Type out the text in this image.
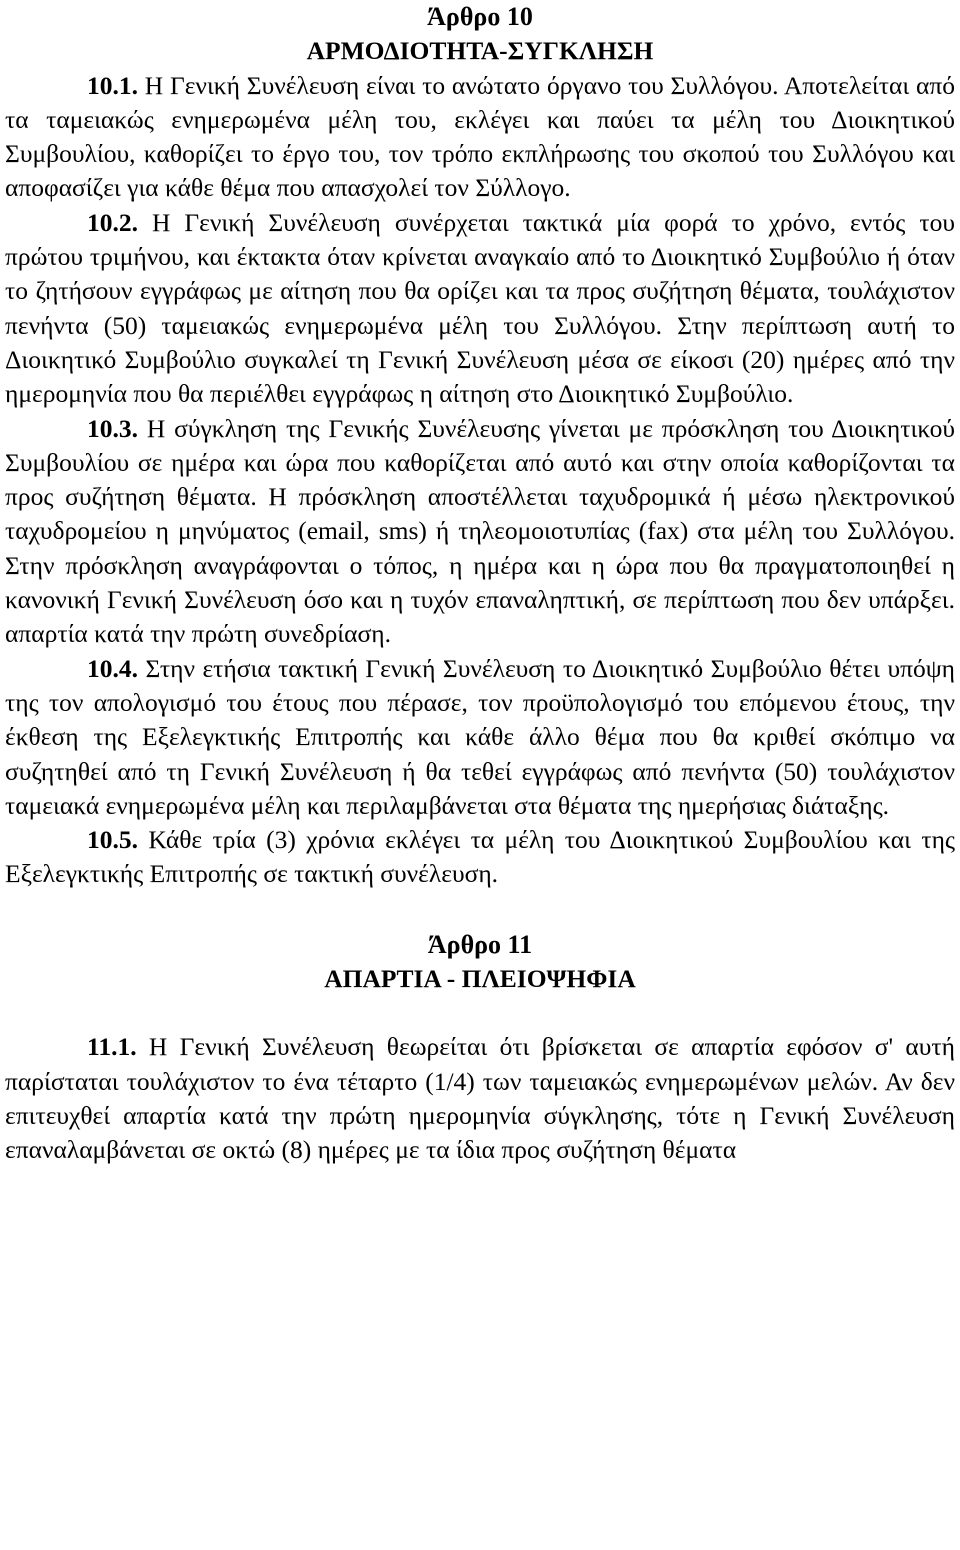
Άρθρο 10
ΑΡΜΟΔΙΟΤΗΤΑ-ΣΥΓΚΛΗΣΗ

10.1. Η Γενική Συνέλευση είναι το ανώτατο όργανο του Συλλόγου. Αποτελείται από τα ταμειακώς ενημερωμένα μέλη του, εκλέγει και παύει τα μέλη του Διοικητικού Συμβουλίου, καθορίζει το έργο του, τον τρόπο εκπλήρωσης του σκοπού του Συλλόγου και αποφασίζει για κάθε θέμα που απασχολεί τον Σύλλογο.

10.2. Η Γενική Συνέλευση συνέρχεται τακτικά μία φορά το χρόνο, εντός του πρώτου τριμήνου, και έκτακτα όταν κρίνεται αναγκαίο από το Διοικητικό Συμβούλιο ή όταν το ζητήσουν εγγράφως με αίτηση που θα ορίζει και τα προς συζήτηση θέματα, τουλάχιστον πενήντα (50) ταμειακώς ενημερωμένα μέλη του Συλλόγου. Στην περίπτωση αυτή το Διοικητικό Συμβούλιο συγκαλεί τη Γενική Συνέλευση μέσα σε είκοσι (20) ημέρες από την ημερομηνία που θα περιέλθει εγγράφως η αίτηση στο Διοικητικό Συμβούλιο.

10.3. Η σύγκληση της Γενικής Συνέλευσης γίνεται με πρόσκληση του Διοικητικού Συμβουλίου σε ημέρα και ώρα που καθορίζεται από αυτό και στην οποία καθορίζονται τα προς συζήτηση θέματα. Η πρόσκληση αποστέλλεται ταχυδρομικά ή μέσω ηλεκτρονικού ταχυδρομείου η μηνύματος (email, sms) ή τηλεομοιοτυπίας (fax) στα μέλη του Συλλόγου. Στην πρόσκληση αναγράφονται ο τόπος, η ημέρα και η ώρα που θα πραγματοποιηθεί η κανονική Γενική Συνέλευση όσο και η τυχόν επαναληπτική, σε περίπτωση που δεν υπάρξει. απαρτία κατά την πρώτη συνεδρίαση.

10.4. Στην ετήσια τακτική Γενική Συνέλευση το Διοικητικό Συμβούλιο θέτει υπόψη της τον απολογισμό του έτους που πέρασε, τον προϋπολογισμό του επόμενου έτους, την έκθεση της Εξελεγκτικής Επιτροπής και κάθε άλλο θέμα που θα κριθεί σκόπιμο να συζητηθεί από τη Γενική Συνέλευση ή θα τεθεί εγγράφως από πενήντα (50) τουλάχιστον ταμειακά ενημερωμένα μέλη και περιλαμβάνεται στα θέματα της ημερήσιας διάταξης.

10.5. Κάθε τρία (3) χρόνια εκλέγει τα μέλη του Διοικητικού Συμβουλίου και της Εξελεγκτικής Επιτροπής σε τακτική συνέλευση.

Άρθρο 11
ΑΠΑΡΤΙΑ - ΠΛΕΙΟΨΗΦΙΑ

11.1. Η Γενική Συνέλευση θεωρείται ότι βρίσκεται σε απαρτία εφόσον σ' αυτή παρίσταται τουλάχιστον το ένα τέταρτο (1/4) των ταμειακώς ενημερωμένων μελών. Αν δεν επιτευχθεί απαρτία κατά την πρώτη ημερομηνία σύγκλησης, τότε η Γενική Συνέλευση επαναλαμβάνεται σε οκτώ (8) ημέρες με τα ίδια προς συζήτηση θέματα
